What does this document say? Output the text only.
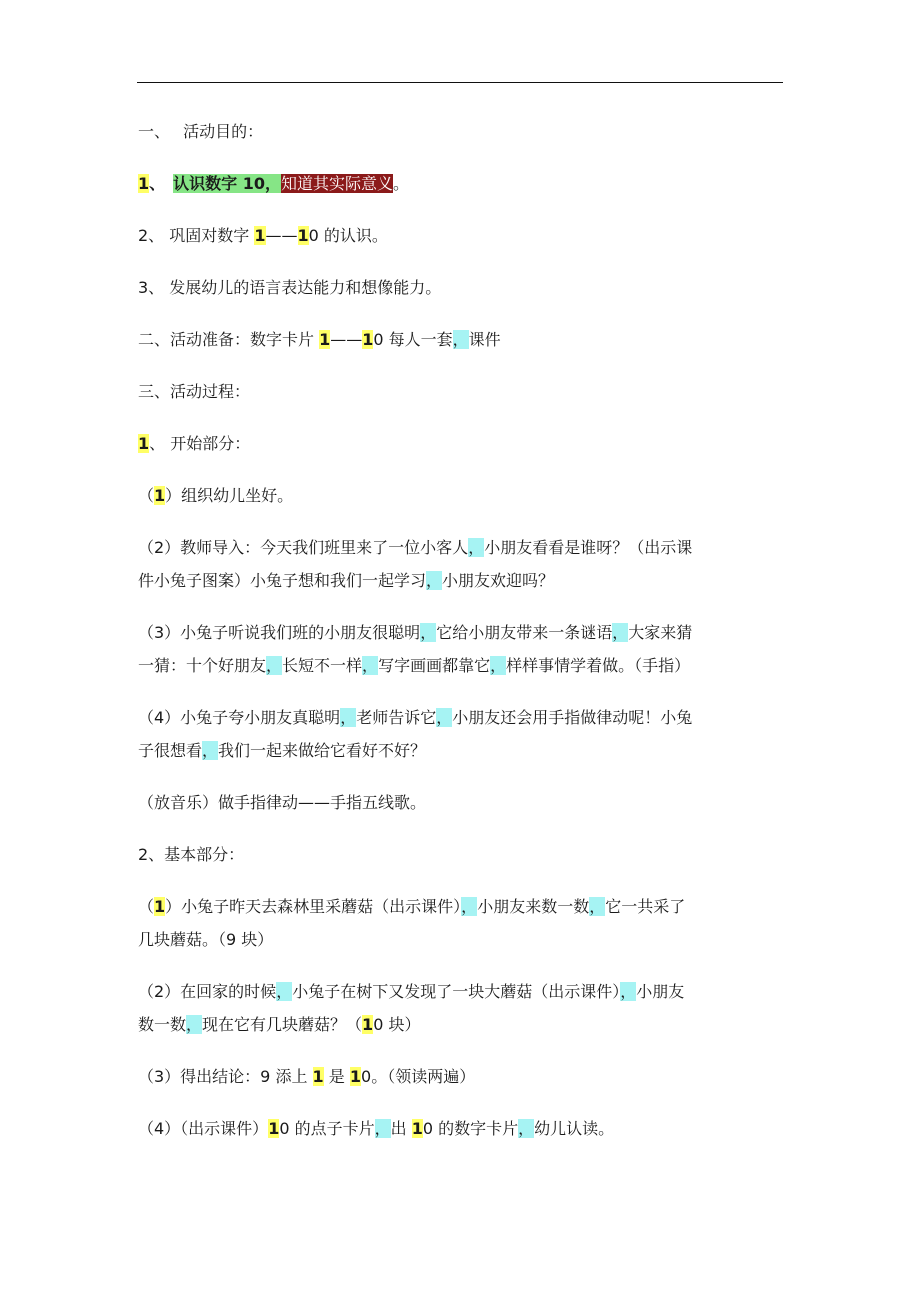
一、　 活动目的：

1、　 认识数字 10，知道其实际意义。

2、 巩固对数字 1——10 的认识。

3、 发展幼儿的语言表达能力和想像能力。

二、活动准备：数字卡片 1——10 每人一套，课件

三、活动过程：

1、 开始部分：

（1）组织幼儿坐好。

（2）教师导入：今天我们班里来了一位小客人，小朋友看看是谁呀？（出示课
件小兔子图案）小兔子想和我们一起学习，小朋友欢迎吗？

（3）小兔子听说我们班的小朋友很聪明，它给小朋友带来一条谜语，大家来猜
一猜：十个好朋友，长短不一样，写字画画都靠它，样样事情学着做。（手指）

（4）小兔子夸小朋友真聪明，老师告诉它，小朋友还会用手指做律动呢！小兔
子很想看，我们一起来做给它看好不好？

（放音乐）做手指律动——手指五线歌。

2、基本部分：

（1）小兔子昨天去森林里采蘑菇（出示课件），小朋友来数一数，它一共采了
几块蘑菇。（9 块）

（2）在回家的时候，小兔子在树下又发现了一块大蘑菇（出示课件），小朋友
数一数，现在它有几块蘑菇？（10 块）

（3）得出结论：9 添上 1 是 10。（领读两遍）

（4）（出示课件）10 的点子卡片，出 10 的数字卡片，幼儿认读。
